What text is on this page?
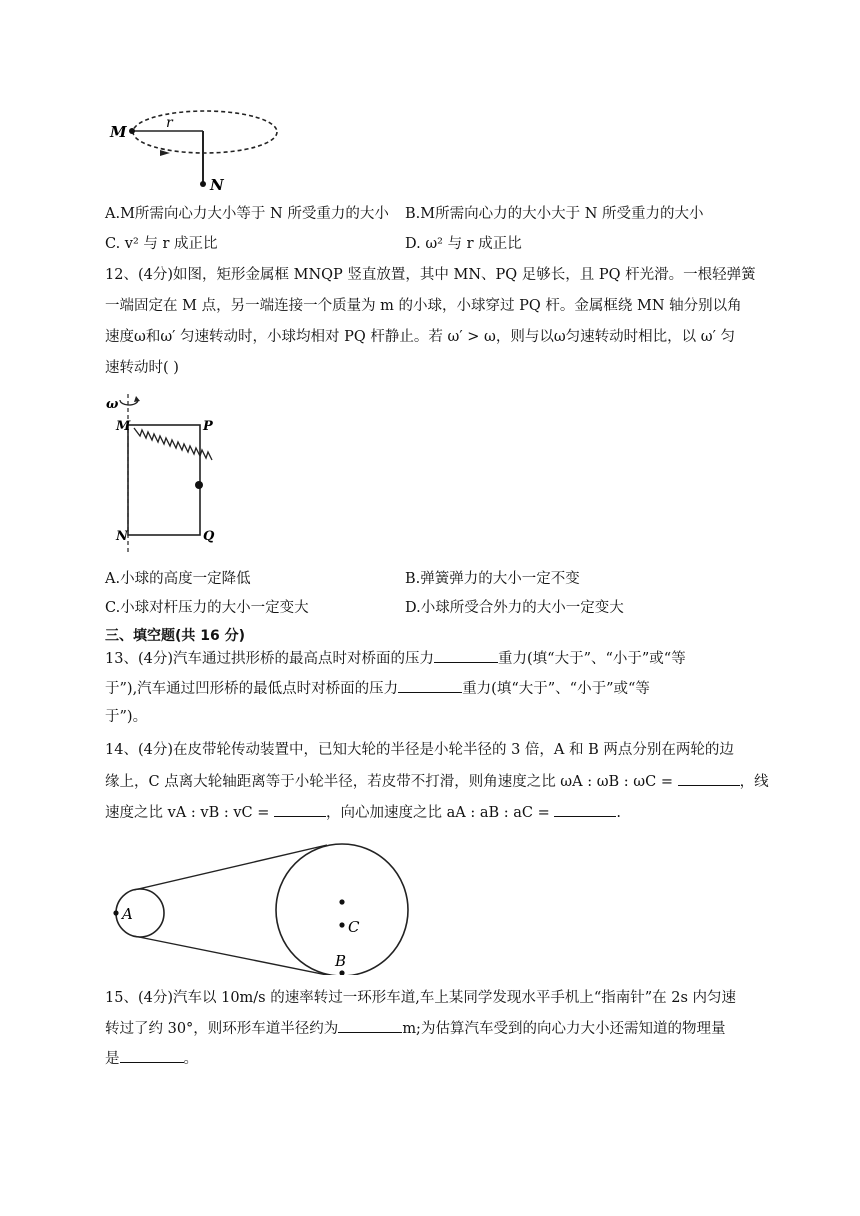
M	r
N
A.M所需向心力大小等于 N 所受重力的大小 B.M所需向心力的大小大于 N 所受重力的大小
C. v² 与 r 成正比	D. ω² 与 r 成正比
12、(4分)如图，矩形金属框 MNQP 竖直放置，其中 MN、PQ 足够长，且 PQ 杆光滑。一根轻弹簧
一端固定在 M 点，另一端连接一个质量为 m 的小球，小球穿过 PQ 杆。金属框绕 MN 轴分别以角
速度ω和ω′ 匀速转动时，小球均相对 PQ 杆静止。若 ω′ > ω，则与以ω匀速转动时相比，以 ω′ 匀
速转动时( )
ω
M	P
N	Q
A.小球的高度一定降低	B.弹簧弹力的大小一定不变
C.小球对杆压力的大小一定变大	D.小球所受合外力的大小一定变大
三、填空题(共 16 分)
13、(4分)汽车通过拱形桥的最高点时对桥面的压力	重力(填“大于”、“小于”或“等
于”),汽车通过凹形桥的最低点时对桥面的压力	重力(填“大于”、“小于”或“等
于”)。
14、(4分)在皮带轮传动装置中，已知大轮的半径是小轮半径的 3 倍，A 和 B 两点分别在两轮的边
缘上，C 点离大轮轴距离等于小轮半径，若皮带不打滑，则角速度之比 ωA : ωB : ωC =	，线
速度之比 vA : vB : vC =	，向心加速度之比 aA : aB : aC =	.
A
C
B
15、(4分)汽车以 10m/s 的速率转过一环形车道,车上某同学发现水平手机上“指南针”在 2s 内匀速
转过了约 30°，则环形车道半径约为	m;为估算汽车受到的向心力大小还需知道的物理量
是	。
